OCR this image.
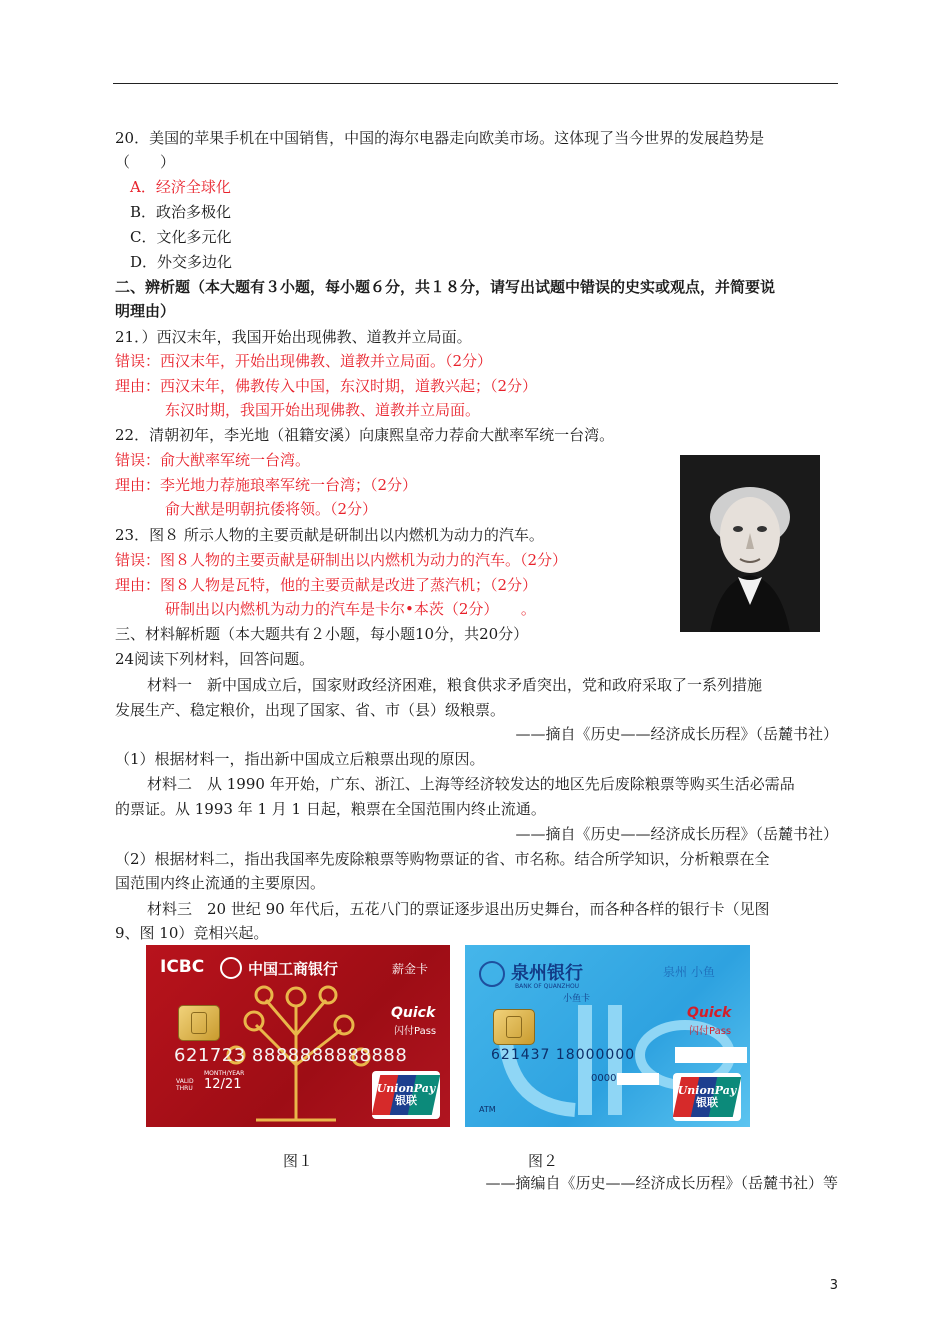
20．美国的苹果手机在中国销售，中国的海尔电器走向欧美市场。这体现了当今世界的发展趋势是
（　　）
A．经济全球化
B．政治多极化
C．文化多元化
D．外交多边化
二、辨析题（本大题有３小题，每小题６分，共１８分，请写出试题中错误的史实或观点，并简要说
明理由）
21．）西汉末年，我国开始出现佛教、道教并立局面。
错误：西汉末年，开始出现佛教、道教并立局面。（2分）
理由：西汉末年，佛教传入中国，东汉时期，道教兴起；（2分）
东汉时期，我国开始出现佛教、道教并立局面。
22．清朝初年，李光地（祖籍安溪）向康熙皇帝力荐俞大猷率军统一台湾。
错误：俞大猷率军统一台湾。
理由：李光地力荐施琅率军统一台湾；（2分）
俞大猷是明朝抗倭将领。（2分）
23．图８ 所示人物的主要贡献是研制出以内燃机为动力的汽车。
错误：图８人物的主要贡献是研制出以内燃机为动力的汽车。（2分）
理由：图８人物是瓦特，他的主要贡献是改进了蒸汽机；（2分）
研制出以内燃机为动力的汽车是卡尔•本茨（2分）　　。
三、材料解析题（本大题共有２小题，每小题10分，共20分）
24阅读下列材料，回答问题。
材料一　新中国成立后，国家财政经济困难，粮食供求矛盾突出，党和政府采取了一系列措施
发展生产、稳定粮价，出现了国家、省、市（县）级粮票。
——摘自《历史——经济成长历程》（岳麓书社）
（1）根据材料一，指出新中国成立后粮票出现的原因。
材料二　从 1990 年开始，广东、浙江、上海等经济较发达的地区先后废除粮票等购买生活必需品
的票证。从 1993 年 1 月 1 日起，粮票在全国范围内终止流通。
——摘自《历史——经济成长历程》（岳麓书社）
（2）根据材料二，指出我国率先废除粮票等购物票证的省、市名称。结合所学知识，分析粮票在全
国范围内终止流通的主要原因。
材料三　20 世纪 90 年代后，五花八门的票证逐步退出历史舞台，而各种各样的银行卡（见图
9、图 10）竞相兴起。
ICBC	中国工商银行	薪金卡
Quick
闪付Pass
621723 8888888888888
MONTH/YEAR
VALID THRU 12/21	UnionPay
银联
泉州银行
BANK OF QUANZHOU
小鱼卡
泉州 小鱼
Quick
闪付Pass
621437 18000000
0000
ATM
UnionPay
银联
图１	图２
——摘编自《历史——经济成长历程》（岳麓书社）等
3
